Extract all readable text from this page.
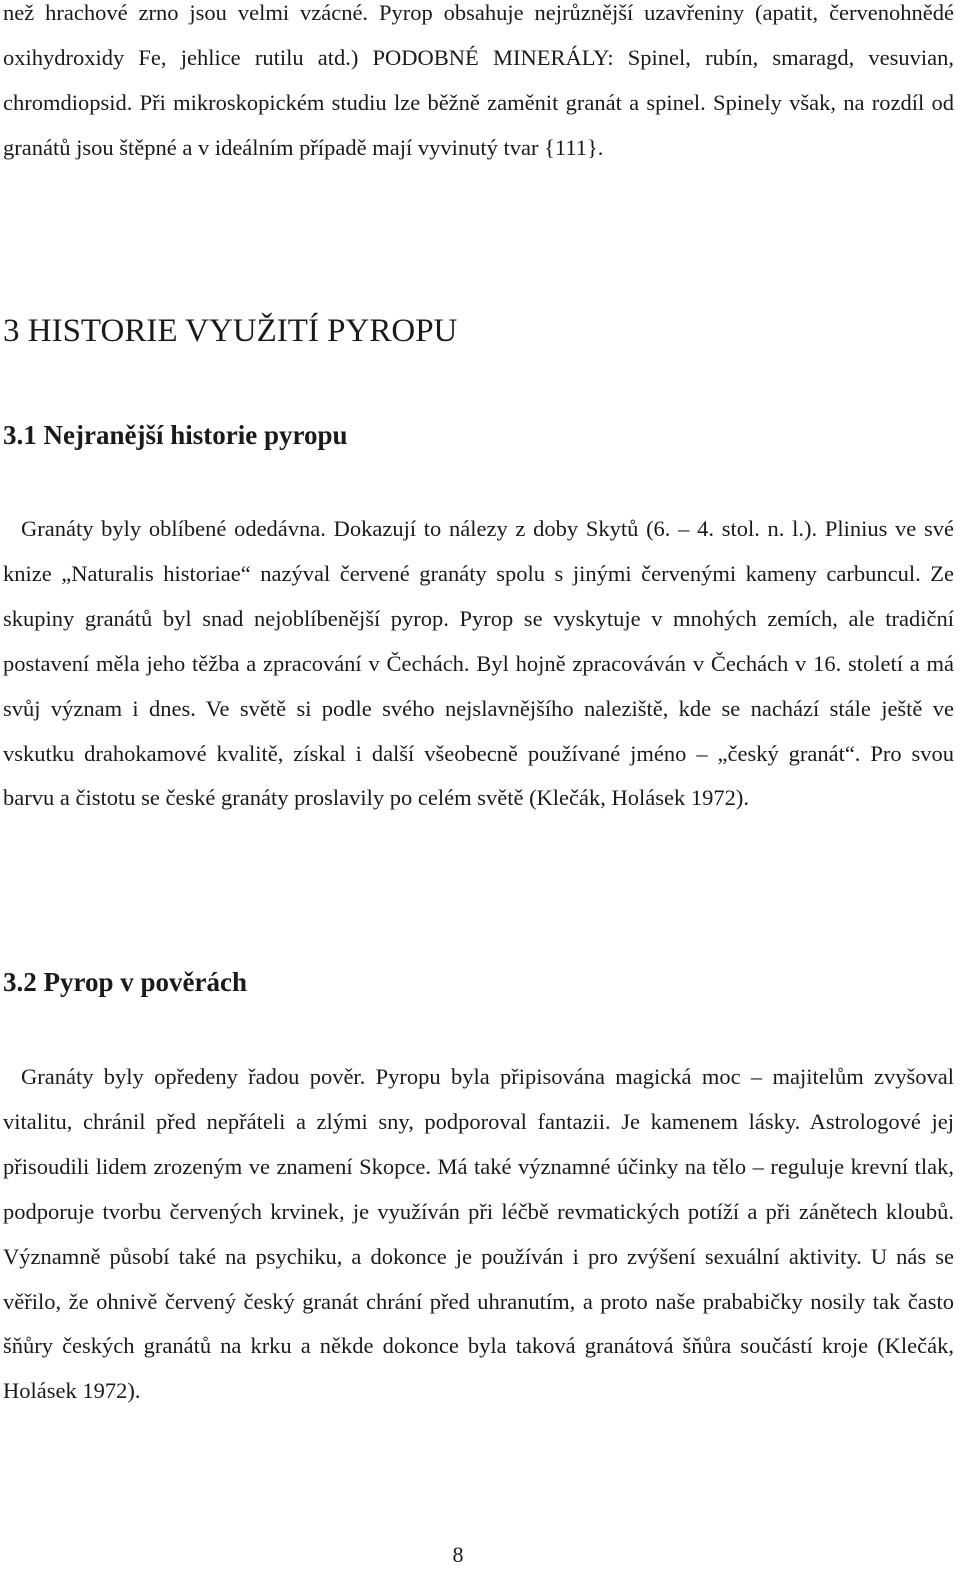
než hrachové zrno jsou velmi vzácné. Pyrop obsahuje nejrůznější uzavřeniny (apatit, červenohnědé oxihydroxidy Fe, jehlice rutilu atd.) PODOBNÉ MINERÁLY: Spinel, rubín, smaragd, vesuvian, chromdiopsid. Při mikroskopickém studiu lze běžně zaměnit granát a spinel. Spinely však, na rozdíl od granátů jsou štěpné a v ideálním případě mají vyvinutý tvar {111}.

3 HISTORIE VYUŽITÍ PYROPU
3.1 Nejranější historie pyropu

Granáty byly oblíbené odedávna. Dokazují to nálezy z doby Skytů (6. – 4. stol. n. l.). Plinius ve své knize „Naturalis historiae“ nazýval červené granáty spolu s jinými červenými kameny carbuncul. Ze skupiny granátů byl snad nejoblíbenější pyrop. Pyrop se vyskytuje v mnohých zemích, ale tradiční postavení měla jeho těžba a zpracování v Čechách. Byl hojně zpracováván v Čechách v 16. století a má svůj význam i dnes. Ve světě si podle svého nejslavnějšího naleziště, kde se nachází stále ještě ve vskutku drahokamové kvalitě, získal i další všeobecně používané jméno – „český granát“. Pro svou barvu a čistotu se české granáty proslavily po celém světě (Klečák, Holásek 1972).

3.2 Pyrop v pověrách

Granáty byly opředeny řadou pověr. Pyropu byla připisována magická moc – majitelům zvyšoval vitalitu, chránil před nepřáteli a zlými sny, podporoval fantazii. Je kamenem lásky. Astrologové jej přisoudili lidem zrozeným ve znamení Skopce. Má také významné účinky na tělo – reguluje krevní tlak, podporuje tvorbu červených krvinek, je využíván při léčbě revmatických potíží a při zánětech kloubů. Významně působí také na psychiku, a dokonce je používán i pro zvýšení sexuální aktivity. U nás se věřilo, že ohnivě červený český granát chrání před uhranutím, a proto naše prababičky nosily tak často šňůry českých granátů na krku a někde dokonce byla taková granátová šňůra součástí kroje (Klečák, Holásek 1972).

8
